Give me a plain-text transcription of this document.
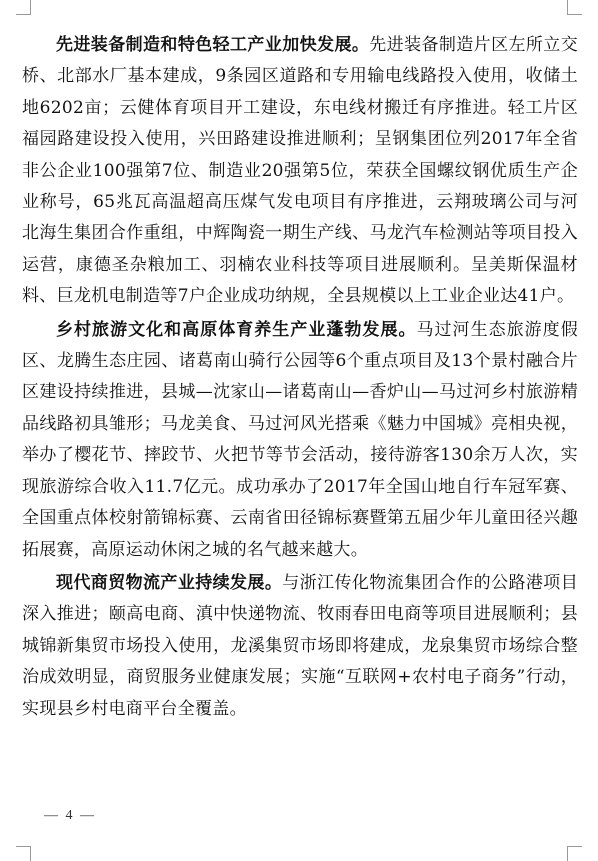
先进装备制造和特色轻工产业加快发展。先进装备制造片区左所立交桥、北部水厂基本建成，9条园区道路和专用输电线路投入使用，收储土地6202亩；云健体育项目开工建设，东电线材搬迁有序推进。轻工片区福园路建设投入使用，兴田路建设推进顺利；呈钢集团位列2017年全省非公企业100强第7位、制造业20强第5位，荣获全国螺纹钢优质生产企业称号，65兆瓦高温超高压煤气发电项目有序推进，云翔玻璃公司与河北海生集团合作重组，中辉陶瓷一期生产线、马龙汽车检测站等项目投入运营，康德圣杂粮加工、羽楠农业科技等项目进展顺利。呈美斯保温材料、巨龙机电制造等7户企业成功纳规，全县规模以上工业企业达41户。

乡村旅游文化和高原体育养生产业蓬勃发展。马过河生态旅游度假区、龙腾生态庄园、诸葛南山骑行公园等6个重点项目及13个景村融合片区建设持续推进，县城—沈家山—诸葛南山—香炉山—马过河乡村旅游精品线路初具雏形；马龙美食、马过河风光搭乘《魅力中国城》亮相央视，举办了樱花节、摔跤节、火把节等节会活动，接待游客130余万人次，实现旅游综合收入11.7亿元。成功承办了2017年全国山地自行车冠军赛、全国重点体校射箭锦标赛、云南省田径锦标赛暨第五届少年儿童田径兴趣拓展赛，高原运动休闲之城的名气越来越大。

现代商贸物流产业持续发展。与浙江传化物流集团合作的公路港项目深入推进；颐高电商、滇中快递物流、牧雨春田电商等项目进展顺利；县城锦新集贸市场投入使用，龙溪集贸市场即将建成，龙泉集贸市场综合整治成效明显，商贸服务业健康发展；实施“互联网+农村电子商务”行动，实现县乡村电商平台全覆盖。

— 4 —
